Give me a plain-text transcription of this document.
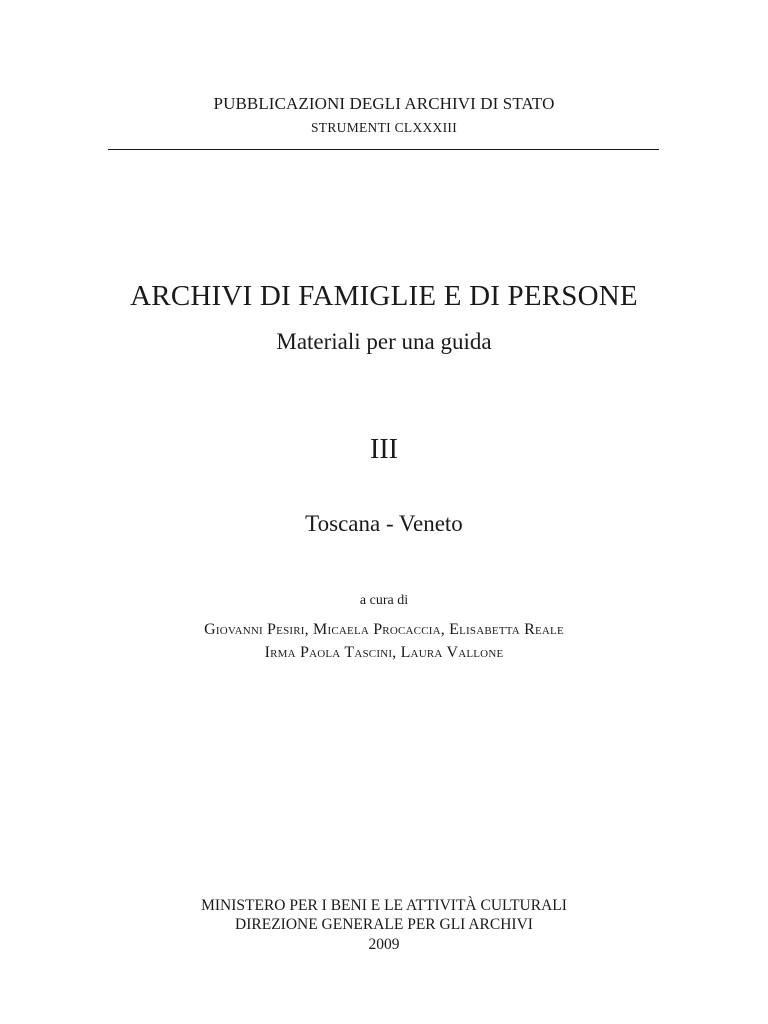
PUBBLICAZIONI DEGLI ARCHIVI DI STATO
STRUMENTI CLXXXIII
ARCHIVI DI FAMIGLIE E DI PERSONE
Materiali per una guida
III
Toscana - Veneto
a cura di
Giovanni Pesiri, Micaela Procaccia, Elisabetta Reale
Irma Paola Tascini, Laura Vallone
MINISTERO PER I BENI E LE ATTIVITÀ CULTURALI
DIREZIONE GENERALE PER GLI ARCHIVI
2009
